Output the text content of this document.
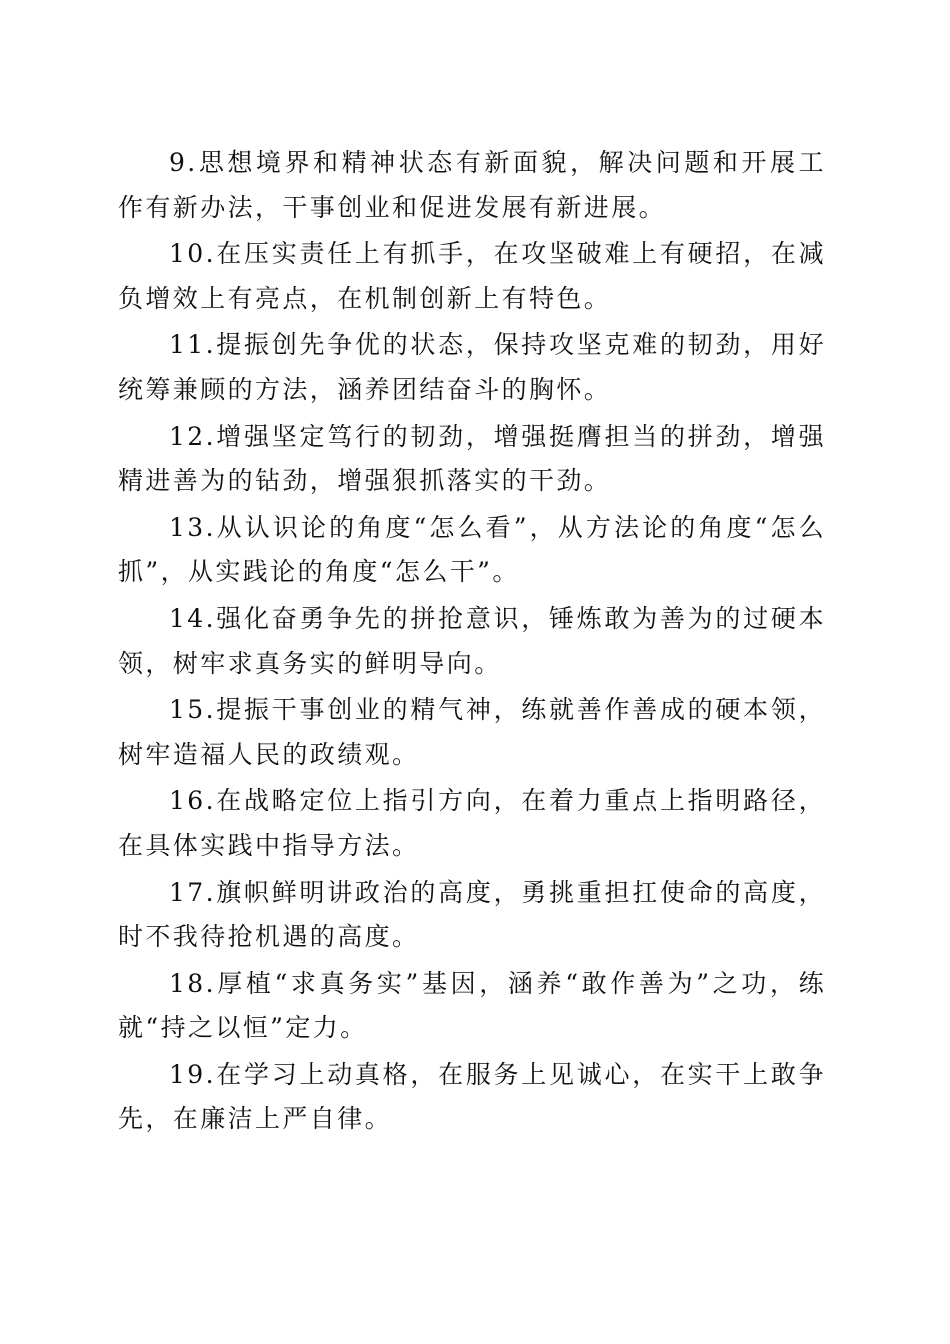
9.思想境界和精神状态有新面貌，解决问题和开展工作有新办法，干事创业和促进发展有新进展。

10.在压实责任上有抓手，在攻坚破难上有硬招，在减负增效上有亮点，在机制创新上有特色。

11.提振创先争优的状态，保持攻坚克难的韧劲，用好统筹兼顾的方法，涵养团结奋斗的胸怀。

12.增强坚定笃行的韧劲，增强挺膺担当的拼劲，增强精进善为的钻劲，增强狠抓落实的干劲。

13.从认识论的角度“怎么看”，从方法论的角度“怎么抓”，从实践论的角度“怎么干”。

14.强化奋勇争先的拼抢意识，锤炼敢为善为的过硬本领，树牢求真务实的鲜明导向。

15.提振干事创业的精气神，练就善作善成的硬本领，树牢造福人民的政绩观。

16.在战略定位上指引方向，在着力重点上指明路径，在具体实践中指导方法。

17.旗帜鲜明讲政治的高度，勇挑重担扛使命的高度，时不我待抢机遇的高度。

18.厚植“求真务实”基因，涵养“敢作善为”之功，练就“持之以恒”定力。

19.在学习上动真格，在服务上见诚心，在实干上敢争先，在廉洁上严自律。
